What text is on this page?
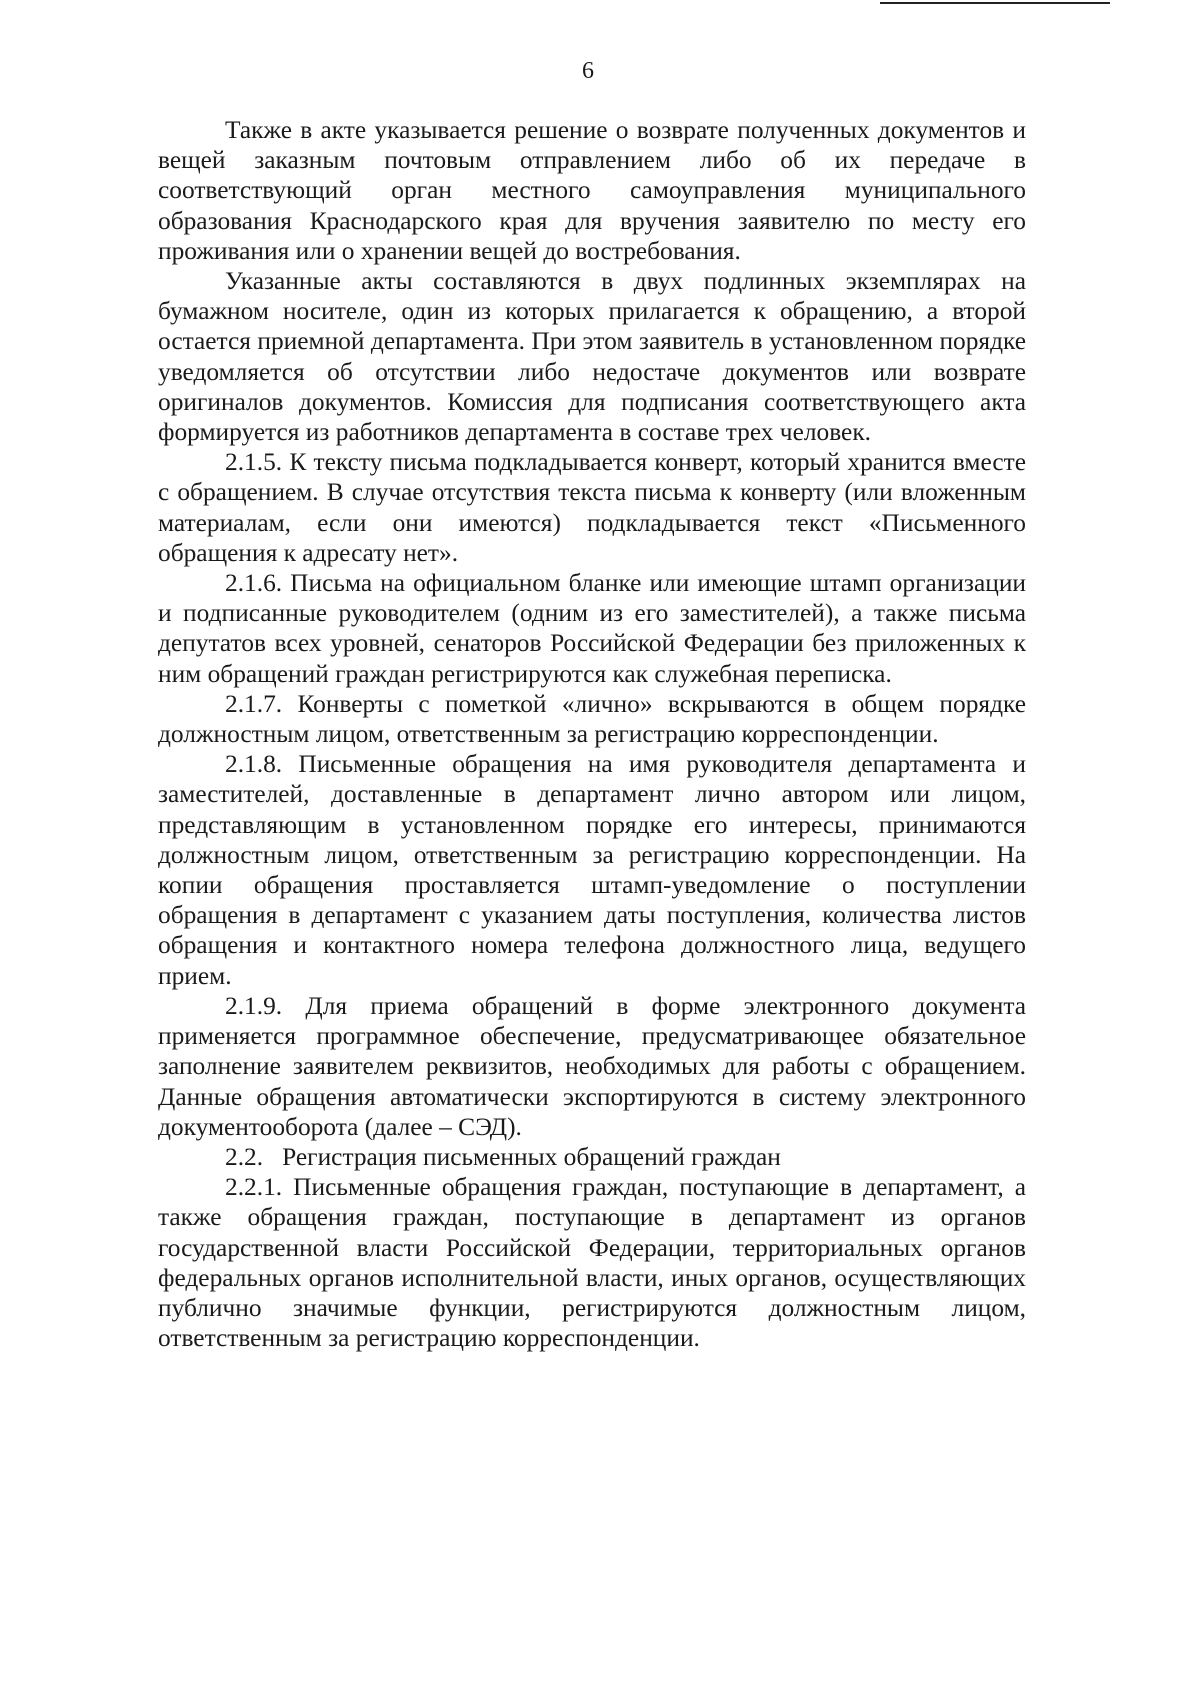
6

Также в акте указывается решение о возврате полученных документов и вещей заказным почтовым отправлением либо об их передаче в соответствующий орган местного самоуправления муниципального образования Краснодарского края для вручения заявителю по месту его проживания или о хранении вещей до востребования.

Указанные акты составляются в двух подлинных экземплярах на бумажном носителе, один из которых прилагается к обращению, а второй остается приемной департамента. При этом заявитель в установленном порядке уведомляется об отсутствии либо недостаче документов или возврате оригиналов документов. Комиссия для подписания соответствующего акта формируется из работников департамента в составе трех человек.

2.1.5. К тексту письма подкладывается конверт, который хранится вместе с обращением. В случае отсутствия текста письма к конверту (или вложенным материалам, если они имеются) подкладывается текст «Письменного обращения к адресату нет».

2.1.6. Письма на официальном бланке или имеющие штамп организации и подписанные руководителем (одним из его заместителей), а также письма депутатов всех уровней, сенаторов Российской Федерации без приложенных к ним обращений граждан регистрируются как служебная переписка.

2.1.7. Конверты с пометкой «лично» вскрываются в общем порядке должностным лицом, ответственным за регистрацию корреспонденции.

2.1.8. Письменные обращения на имя руководителя департамента и заместителей, доставленные в департамент лично автором или лицом, представляющим в установленном порядке его интересы, принимаются должностным лицом, ответственным за регистрацию корреспонденции. На копии обращения проставляется штамп-уведомление о поступлении обращения в департамент с указанием даты поступления, количества листов обращения и контактного номера телефона должностного лица, ведущего прием.

2.1.9. Для приема обращений в форме электронного документа применяется программное обеспечение, предусматривающее обязательное заполнение заявителем реквизитов, необходимых для работы с обращением. Данные обращения автоматически экспортируются в систему электронного документооборота (далее – СЭД).

2.2.   Регистрация письменных обращений граждан

2.2.1. Письменные обращения граждан, поступающие в департамент, а также обращения граждан, поступающие в департамент из органов государственной власти Российской Федерации, территориальных органов федеральных органов исполнительной власти, иных органов, осуществляющих публично значимые функции, регистрируются должностным лицом, ответственным за регистрацию корреспонденции.
